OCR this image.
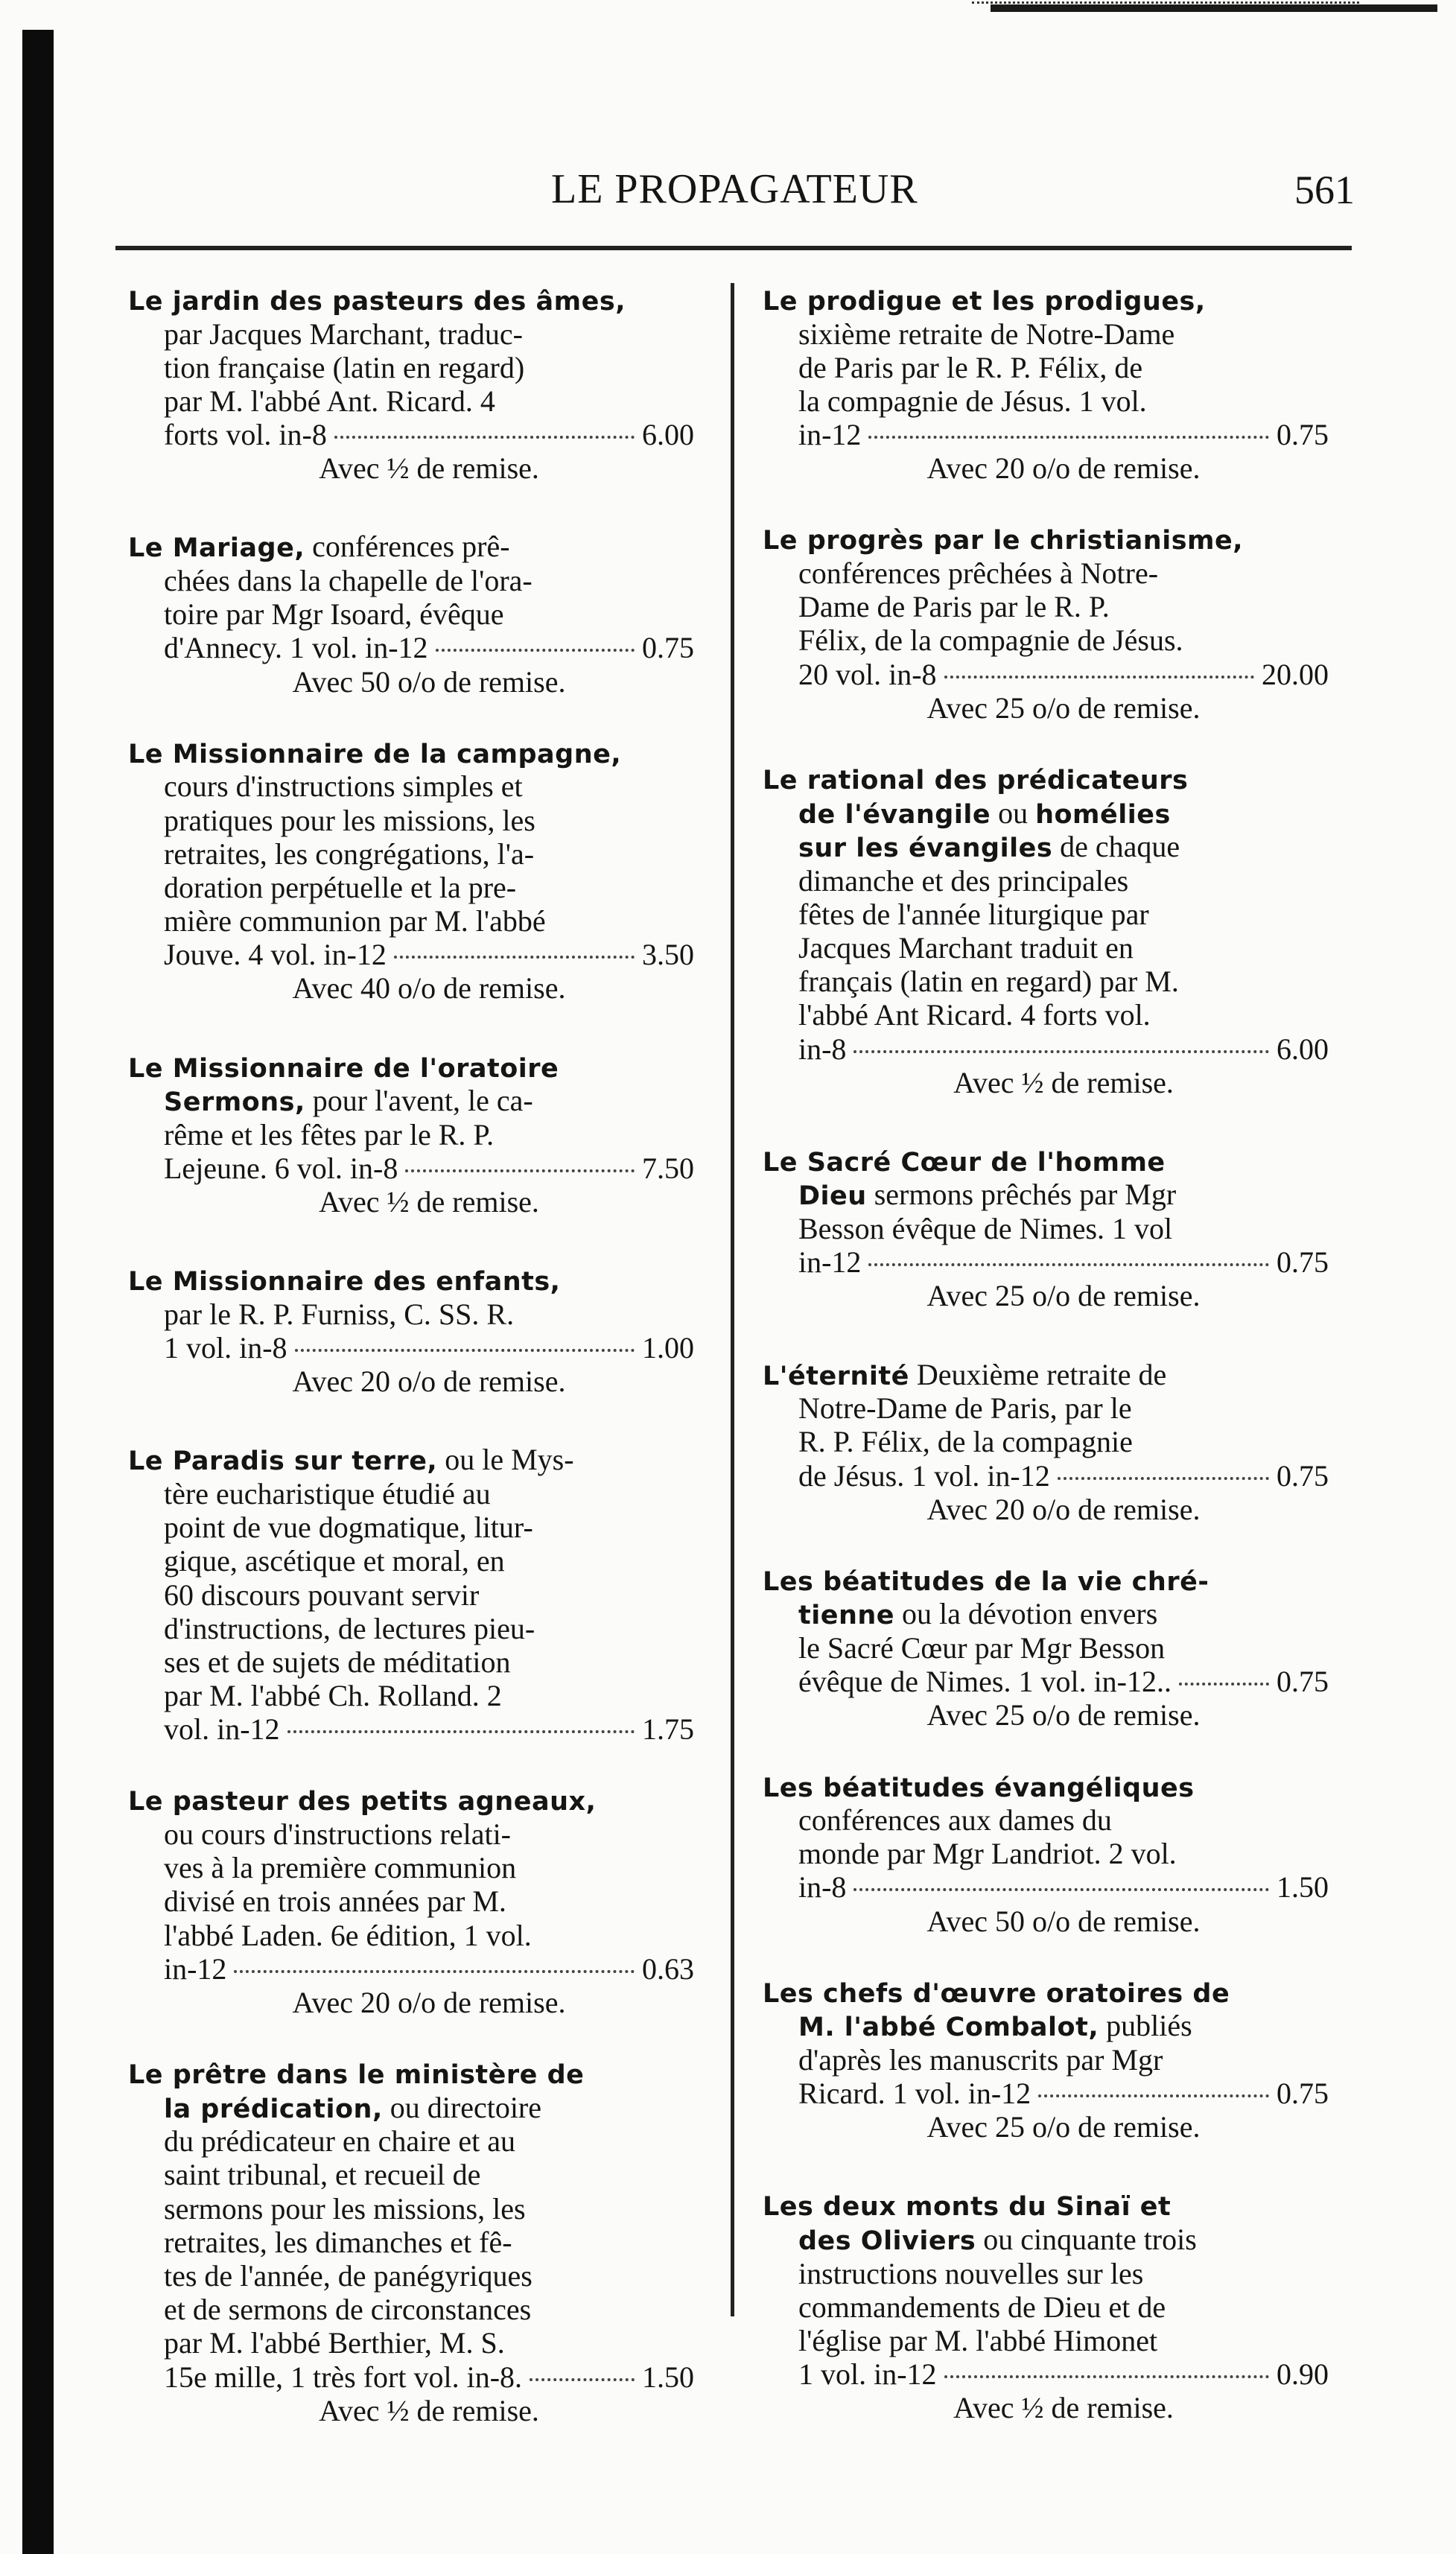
LE PROPAGATEUR	561
Le jardin des pasteurs des âmes,
par Jacques Marchant, traduc-
tion française (latin en regard)
par M. l'abbé Ant. Ricard. 4
forts vol. in-8	6.00
Avec ½ de remise.
Le Mariage, conférences prê-
chées dans la chapelle de l'ora-
toire par Mgr Isoard, évêque
d'Annecy. 1 vol. in-12	0.75
Avec 50 o/o de remise.
Le Missionnaire de la campagne,
cours d'instructions simples et
pratiques pour les missions, les
retraites, les congrégations, l'a-
doration perpétuelle et la pre-
mière communion par M. l'abbé
Jouve. 4 vol. in-12	3.50
Avec 40 o/o de remise.
Le Missionnaire de l'oratoire
Sermons, pour l'avent, le ca-
rême et les fêtes par le R. P.
Lejeune. 6 vol. in-8	7.50
Avec ½ de remise.
Le Missionnaire des enfants,
par le R. P. Furniss, C. SS. R.
1 vol. in-8	1.00
Avec 20 o/o de remise.
Le Paradis sur terre, ou le Mys-
tère eucharistique étudié au
point de vue dogmatique, litur-
gique, ascétique et moral, en
60 discours pouvant servir
d'instructions, de lectures pieu-
ses et de sujets de méditation
par M. l'abbé Ch. Rolland. 2
vol. in-12	1.75
Le pasteur des petits agneaux,
ou cours d'instructions relati-
ves à la première communion
divisé en trois années par M.
l'abbé Laden. 6e édition, 1 vol.
in-12	0.63
Avec 20 o/o de remise.
Le prêtre dans le ministère de
la prédication, ou directoire
du prédicateur en chaire et au
saint tribunal, et recueil de
sermons pour les missions, les
retraites, les dimanches et fê-
tes de l'année, de panégyriques
et de sermons de circonstances
par M. l'abbé Berthier, M. S.
15e mille, 1 très fort vol. in-8.	1.50
Avec ½ de remise.
Le prodigue et les prodigues,
sixième retraite de Notre-Dame
de Paris par le R. P. Félix, de
la compagnie de Jésus. 1 vol.
in-12	0.75
Avec 20 o/o de remise.
Le progrès par le christianisme,
conférences prêchées à Notre-
Dame de Paris par le R. P.
Félix, de la compagnie de Jésus.
20 vol. in-8	20.00
Avec 25 o/o de remise.
Le rational des prédicateurs
de l'évangile ou homélies
sur les évangiles de chaque
dimanche et des principales
fêtes de l'année liturgique par
Jacques Marchant traduit en
français (latin en regard) par M.
l'abbé Ant Ricard. 4 forts vol.
in-8	6.00
Avec ½ de remise.
Le Sacré Cœur de l'homme
Dieu sermons prêchés par Mgr
Besson évêque de Nimes. 1 vol
in-12	0.75
Avec 25 o/o de remise.
L'éternité Deuxième retraite de
Notre-Dame de Paris, par le
R. P. Félix, de la compagnie
de Jésus. 1 vol. in-12	0.75
Avec 20 o/o de remise.
Les béatitudes de la vie chré-
tienne ou la dévotion envers
le Sacré Cœur par Mgr Besson
évêque de Nimes. 1 vol. in-12..	0.75
Avec 25 o/o de remise.
Les béatitudes évangéliques
conférences aux dames du
monde par Mgr Landriot. 2 vol.
in-8	1.50
Avec 50 o/o de remise.
Les chefs d'œuvre oratoires de
M. l'abbé Combalot, publiés
d'après les manuscrits par Mgr
Ricard. 1 vol. in-12	0.75
Avec 25 o/o de remise.
Les deux monts du Sinaï et
des Oliviers ou cinquante trois
instructions nouvelles sur les
commandements de Dieu et de
l'église par M. l'abbé Himonet
1 vol. in-12	0.90
Avec ½ de remise.
